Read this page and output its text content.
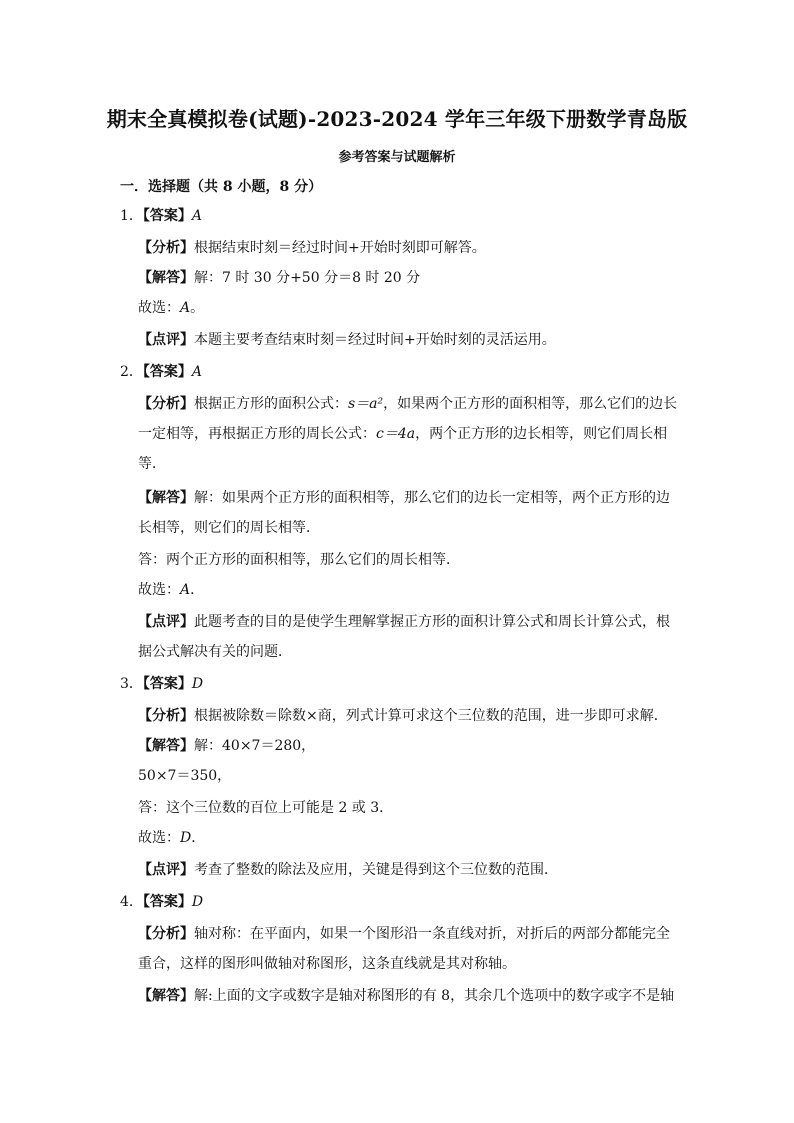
期末全真模拟卷(试题)-2023-2024 学年三年级下册数学青岛版
参考答案与试题解析
一．选择题（共 8 小题，8 分）
1．【答案】A
【分析】根据结束时刻＝经过时间+开始时刻即可解答。
【解答】解：7 时 30 分+50 分＝8 时 20 分
故选：A。
【点评】本题主要考查结束时刻＝经过时间+开始时刻的灵活运用。
2．【答案】A
【分析】根据正方形的面积公式：s＝a²，如果两个正方形的面积相等，那么它们的边长
一定相等，再根据正方形的周长公式：c＝4a，两个正方形的边长相等，则它们周长相
等．
【解答】解：如果两个正方形的面积相等，那么它们的边长一定相等，两个正方形的边
长相等，则它们的周长相等．
答：两个正方形的面积相等，那么它们的周长相等．
故选：A．
【点评】此题考查的目的是使学生理解掌握正方形的面积计算公式和周长计算公式，根
据公式解决有关的问题．
3．【答案】D
【分析】根据被除数＝除数×商，列式计算可求这个三位数的范围，进一步即可求解．
【解答】解：40×7＝280，
50×7＝350，
答：这个三位数的百位上可能是 2 或 3．
故选：D．
【点评】考查了整数的除法及应用，关键是得到这个三位数的范围．
4．【答案】D
【分析】轴对称：在平面内，如果一个图形沿一条直线对折，对折后的两部分都能完全
重合，这样的图形叫做轴对称图形，这条直线就是其对称轴。
【解答】解:上面的文字或数字是轴对称图形的有 8，其余几个选项中的数字或字不是轴
